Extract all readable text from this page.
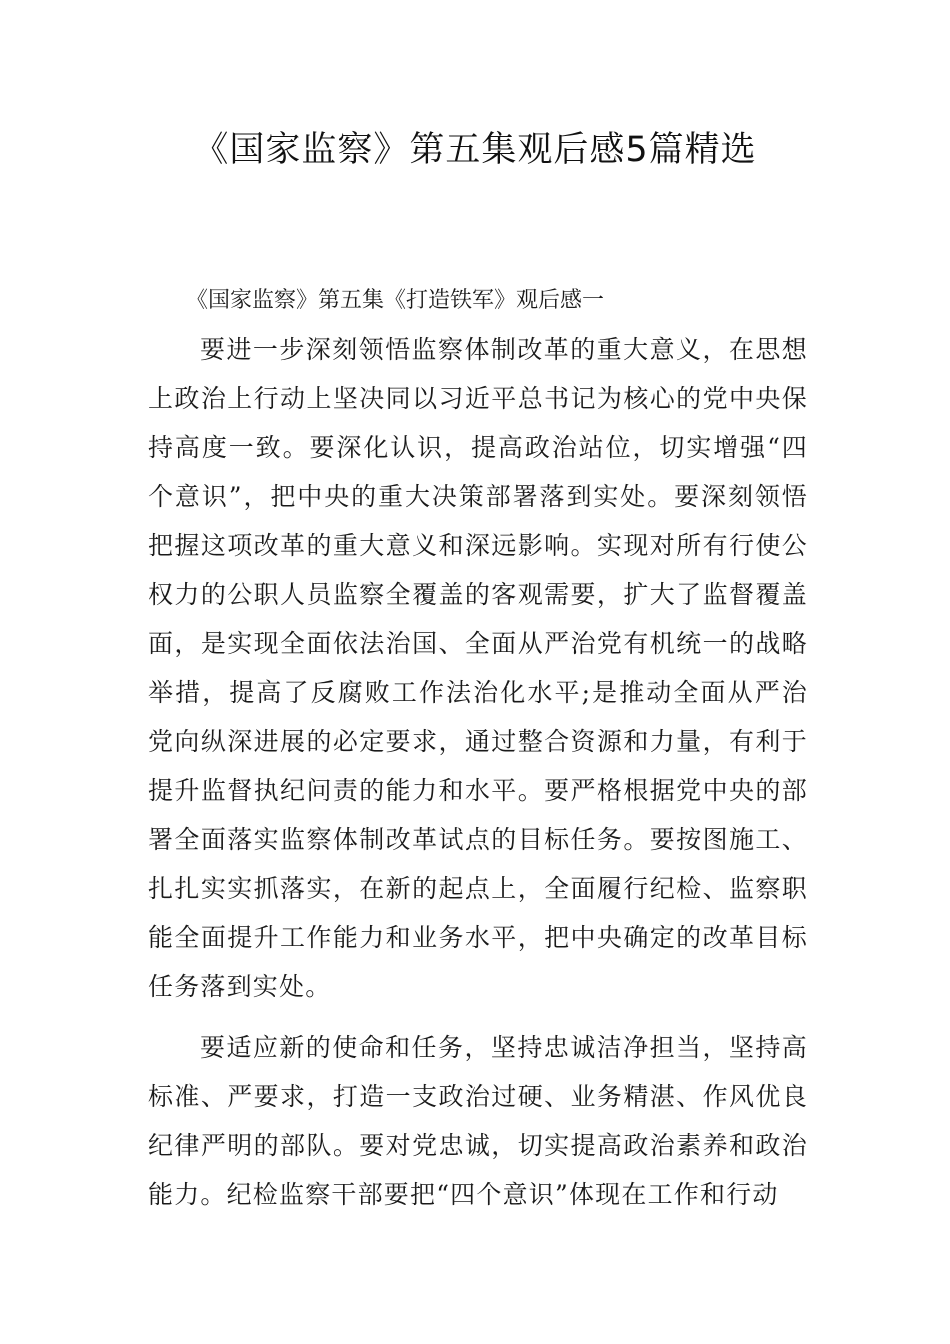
《国家监察》第五集观后感5篇精选

《国家监察》第五集《打造铁军》观后感一

要进一步深刻领悟监察体制改革的重大意义，在思想上政治上行动上坚决同以习近平总书记为核心的党中央保持高度一致。要深化认识，提高政治站位，切实增强“四个意识”，把中央的重大决策部署落到实处。要深刻领悟把握这项改革的重大意义和深远影响。实现对所有行使公权力的公职人员监察全覆盖的客观需要，扩大了监督覆盖面，是实现全面依法治国、全面从严治党有机统一的战略举措，提高了反腐败工作法治化水平;是推动全面从严治党向纵深进展的必定要求，通过整合资源和力量，有利于提升监督执纪问责的能力和水平。要严格根据党中央的部署全面落实监察体制改革试点的目标任务。要按图施工、扎扎实实抓落实，在新的起点上，全面履行纪检、监察职能全面提升工作能力和业务水平，把中央确定的改革目标任务落到实处。

要适应新的使命和任务，坚持忠诚洁净担当，坚持高标准、严要求，打造一支政治过硬、业务精湛、作风优良纪律严明的部队。要对党忠诚，切实提高政治素养和政治能力。纪检监察干部要把“四个意识”体现在工作和行动
